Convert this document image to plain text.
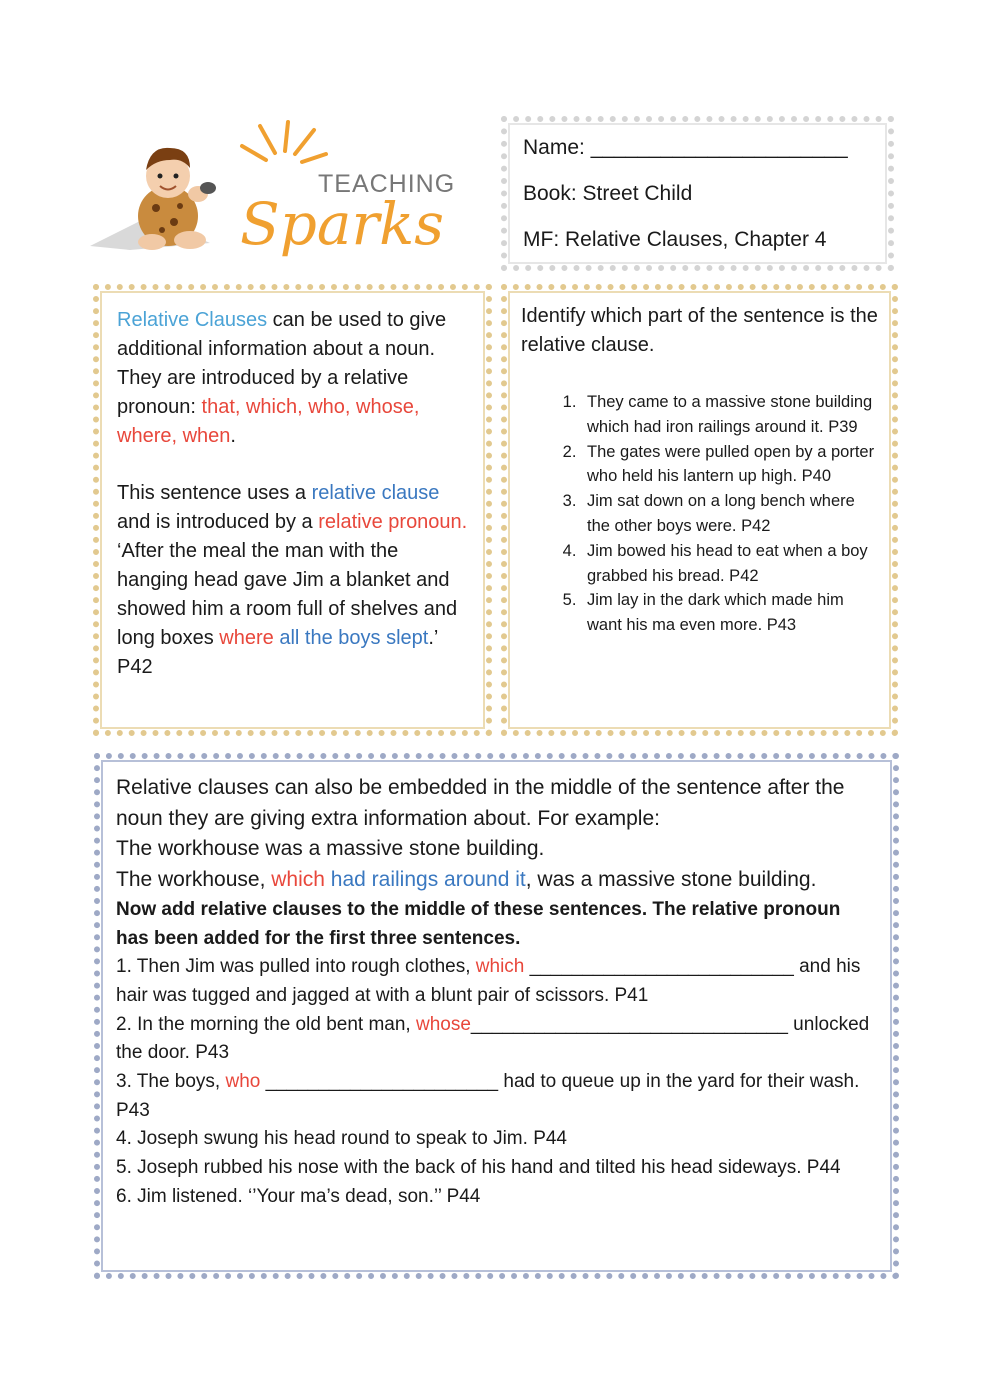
TEACHING
Sparks
Name: ______________________
Book: Street Child
MF: Relative Clauses, Chapter 4

Relative Clauses can be used to give additional information about a noun. They are introduced by a relative pronoun: that, which, who, whose, where, when.

This sentence uses a relative clause and is introduced by a relative pronoun.

‘After the meal the man with the hanging head gave Jim a blanket and showed him a room full of shelves and long boxes where all the boys slept.’ P42

Identify which part of the sentence is the relative clause.

1. They came to a massive stone building which had iron railings around it. P39
2. The gates were pulled open by a porter who held his lantern up high. P40
3. Jim sat down on a long bench where the other boys were. P42
4. Jim bowed his head to eat when a boy grabbed his bread. P42
5. Jim lay in the dark which made him want his ma even more. P43

Relative clauses can also be embedded in the middle of the sentence after the noun they are giving extra information about. For example:

The workhouse was a massive stone building.

The workhouse, which had railings around it, was a massive stone building.

Now add relative clauses to the middle of these sentences. The relative pronoun has been added for the first three sentences.

1. Then Jim was pulled into rough clothes, which _________________________ and his hair was tugged and jagged at with a blunt pair of scissors. P41

2. In the morning the old bent man, whose______________________________ unlocked the door. P43

3. The boys, who ______________________ had to queue up in the yard for their wash. P43

4. Joseph swung his head round to speak to Jim. P44

5. Joseph rubbed his nose with the back of his hand and tilted his head sideways. P44

6. Jim listened. ‘’Your ma’s dead, son.’’ P44
